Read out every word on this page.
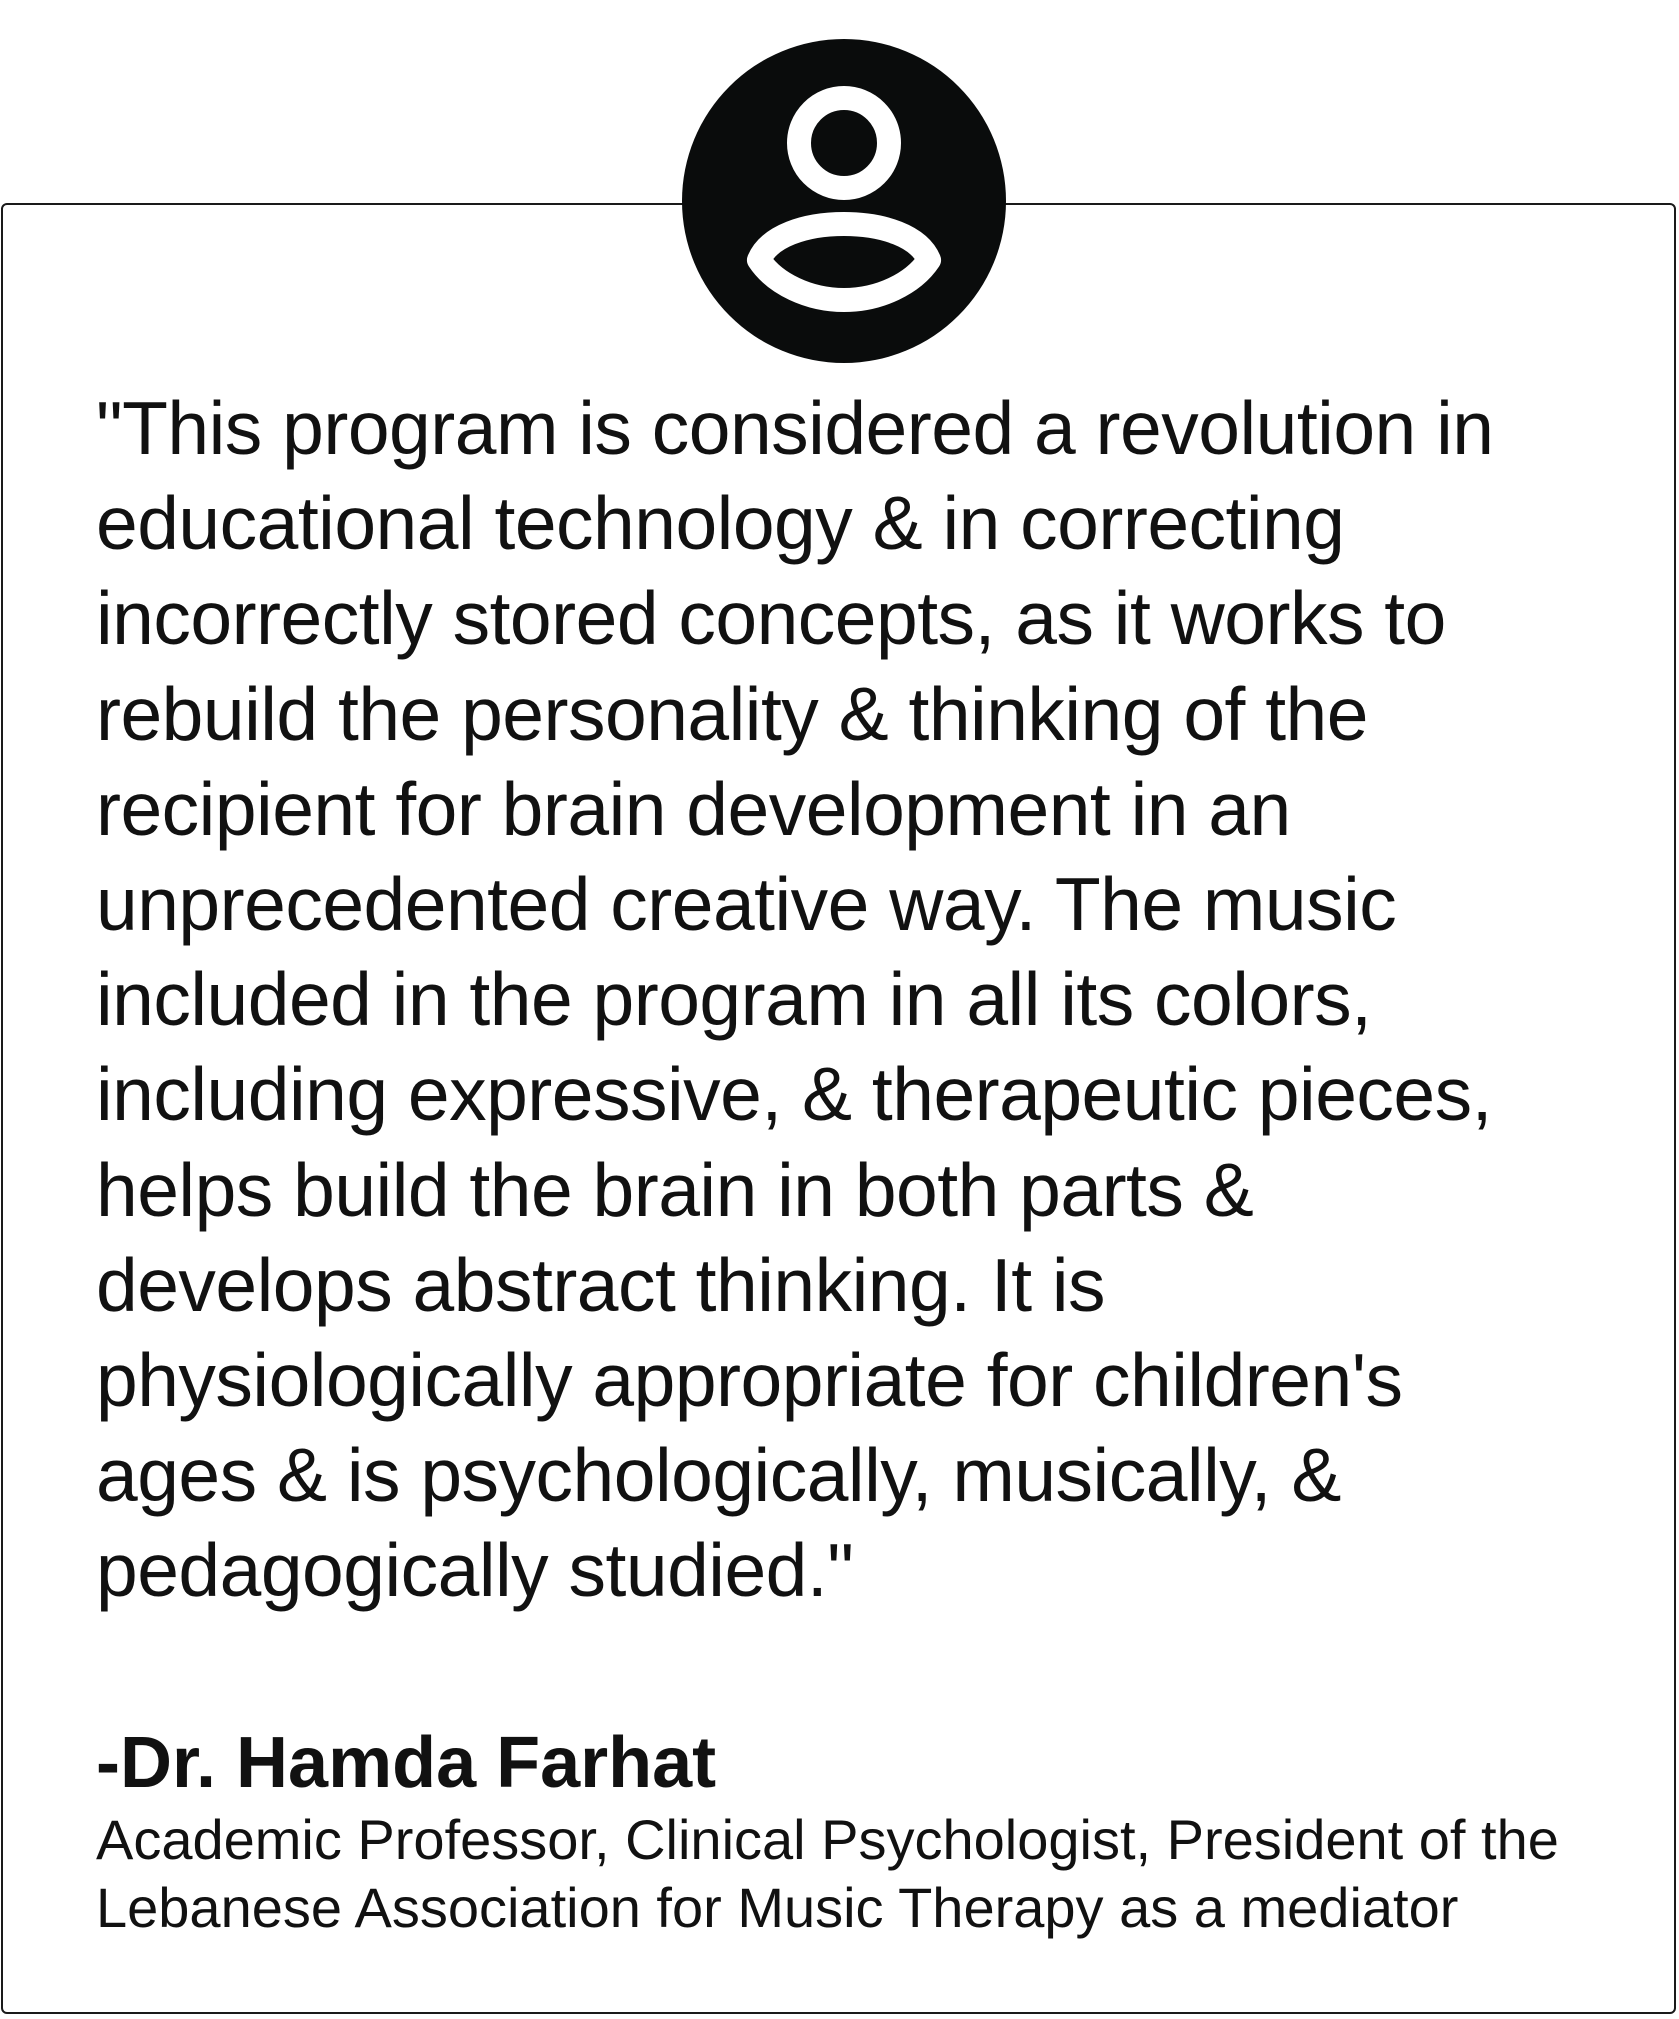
"This program is considered a revolution in
educational technology & in correcting
incorrectly stored concepts, as it works to
rebuild the personality & thinking of the
recipient for brain development in an
unprecedented creative way. The music
included in the program in all its colors,
including expressive, & therapeutic pieces,
helps build the brain in both parts &
develops abstract thinking. It is
physiologically appropriate for children's
ages & is psychologically, musically, &
pedagogically studied."

-Dr. Hamda Farhat

Academic Professor, Clinical Psychologist, President of the
Lebanese Association for Music Therapy as a mediator
